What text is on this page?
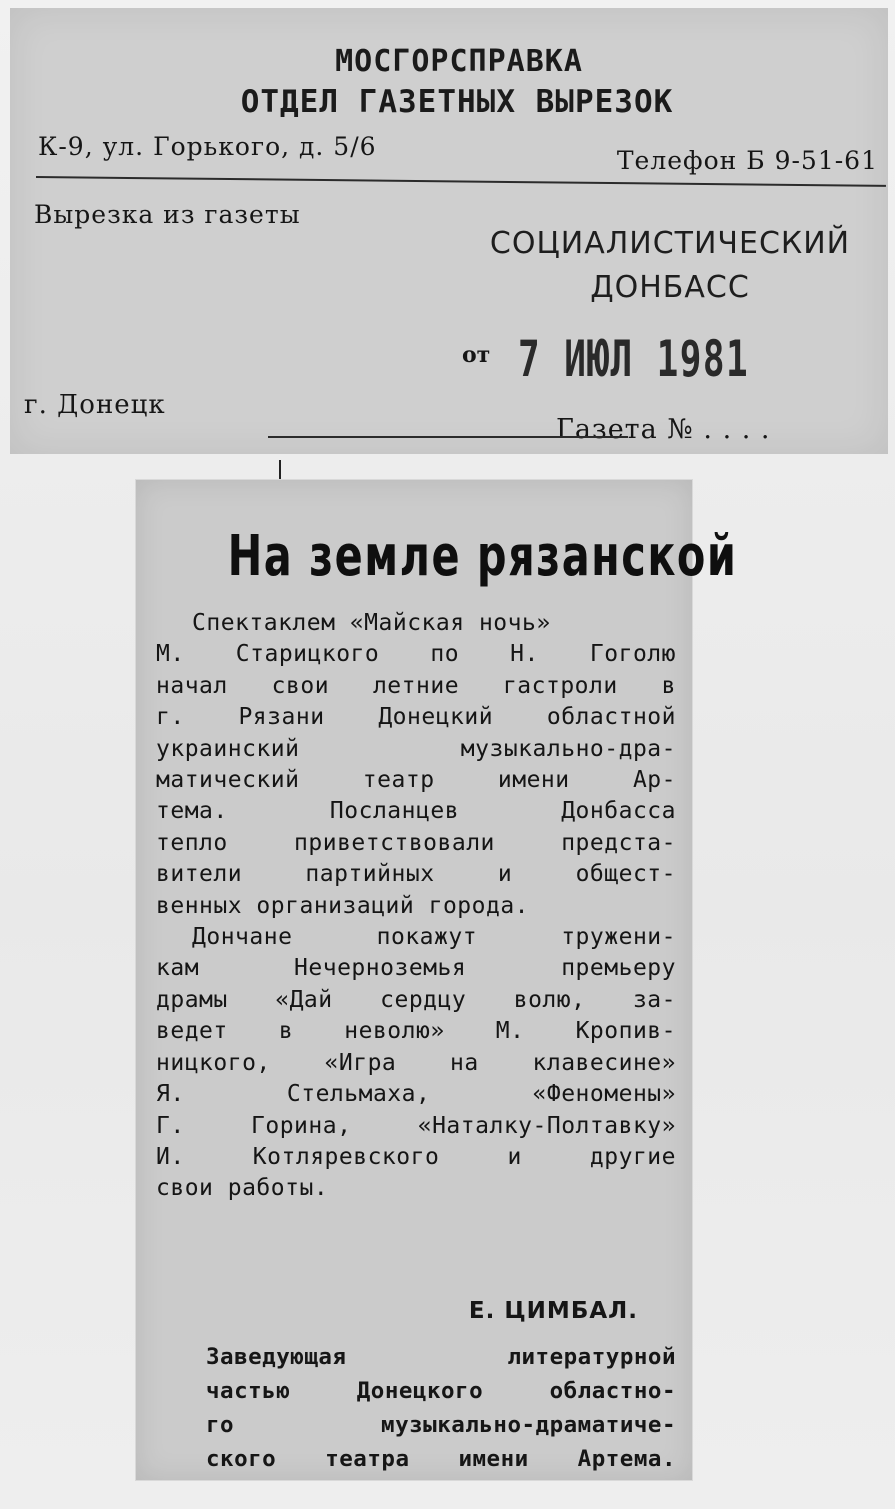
МОСГОРСПРАВКА
ОТДЕЛ ГАЗЕТНЫХ ВЫРЕЗОК
К-9, ул. Горького, д. 5/6	Телефон Б 9-51-61
Вырезка из газеты
СОЦИАЛИСТИЧЕСКИЙ
ДОНБАСС
от 7 ИЮЛ 1981
г. Донецк
Газета № . . . .
На земле рязанской
Спектаклем «Майская ночь»
М. Старицкого по Н. Гоголю
начал свои летние гастроли в
г. Рязани Донецкий областной
украинский музыкально-дра-
матический театр имени Ар-
тема. Посланцев Донбасса
тепло приветствовали предста-
вители партийных и общест-
венных организаций города.
Дончане покажут тружени-
кам Нечерноземья премьеру
драмы «Дай сердцу волю, за-
ведет в неволю» М. Кропив-
ницкого, «Игра на клавесине»
Я. Стельмаха, «Феномены»
Г. Горина, «Наталку-Полтавку»
И. Котляревского и другие
свои работы.
Е. ЦИМБАЛ.
Заведующая литературной
частью Донецкого областно-
го музыкально-драматиче-
ского театра имени Артема.
